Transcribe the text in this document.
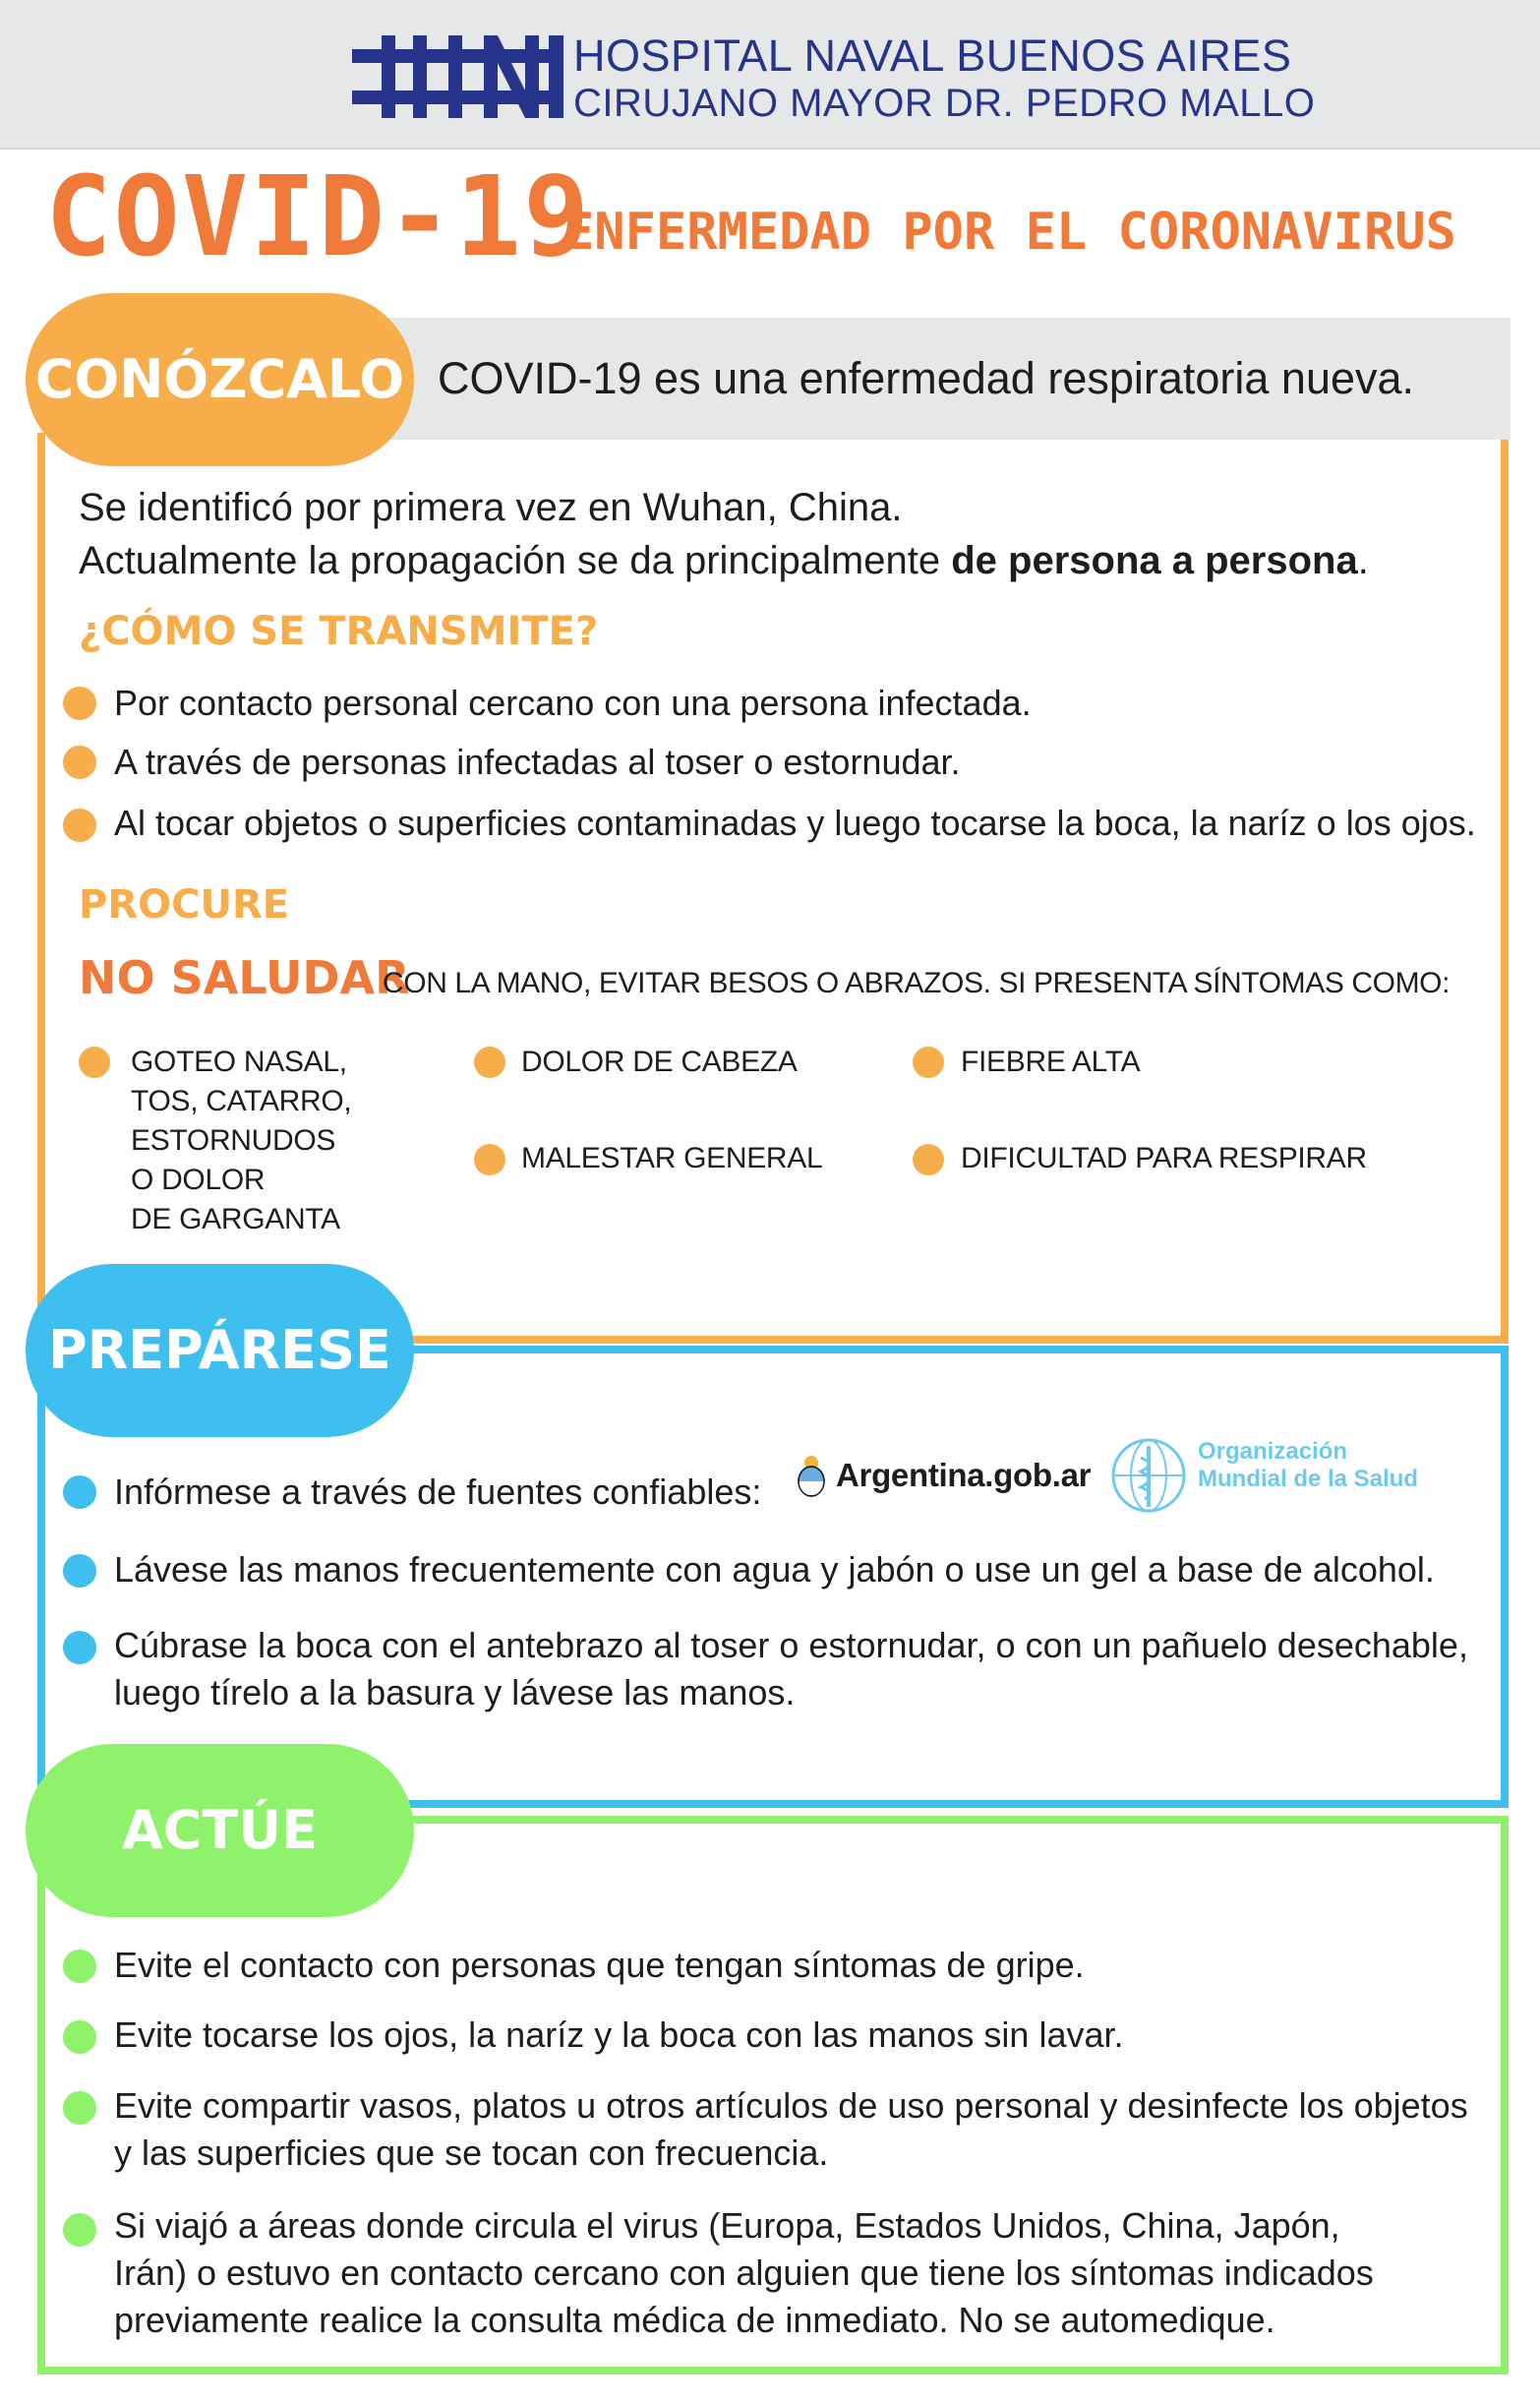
HOSPITAL NAVAL BUENOS AIRES
CIRUJANO MAYOR DR. PEDRO MALLO
COVID-19
ENFERMEDAD POR EL CORONAVIRUS
COVID-19 es una enfermedad respiratoria nueva.
CONÓZCALO
Se identificó por primera vez en Wuhan, China.
Actualmente la propagación se da principalmente de persona a persona.
¿CÓMO SE TRANSMITE?
Por contacto personal cercano con una persona infectada.
A través de personas infectadas al toser o estornudar.
Al tocar objetos o superficies contaminadas y luego tocarse la boca, la naríz o los ojos.
PROCURE
NO SALUDAR
CON LA MANO, EVITAR BESOS O ABRAZOS. SI PRESENTA SÍNTOMAS COMO:
GOTEO NASAL,
TOS, CATARRO,
ESTORNUDOS
O DOLOR
DE GARGANTA
DOLOR DE CABEZA	FIEBRE ALTA
MALESTAR GENERAL	DIFICULTAD PARA RESPIRAR
PREPÁRESE
Infórmese a través de fuentes confiables: Argentina.gob.ar
Organización
Mundial de la Salud
Lávese las manos frecuentemente con agua y jabón o use un gel a base de alcohol.
Cúbrase la boca con el antebrazo al toser o estornudar, o con un pañuelo desechable,
luego tírelo a la basura y lávese las manos.
ACTÚE
Evite el contacto con personas que tengan síntomas de gripe.
Evite tocarse los ojos, la naríz y la boca con las manos sin lavar.
Evite compartir vasos, platos u otros artículos de uso personal y desinfecte los objetos
y las superficies que se tocan con frecuencia.
Si viajó a áreas donde circula el virus (Europa, Estados Unidos, China, Japón,
Irán) o estuvo en contacto cercano con alguien que tiene los síntomas indicados
previamente realice la consulta médica de inmediato. No se automedique.
